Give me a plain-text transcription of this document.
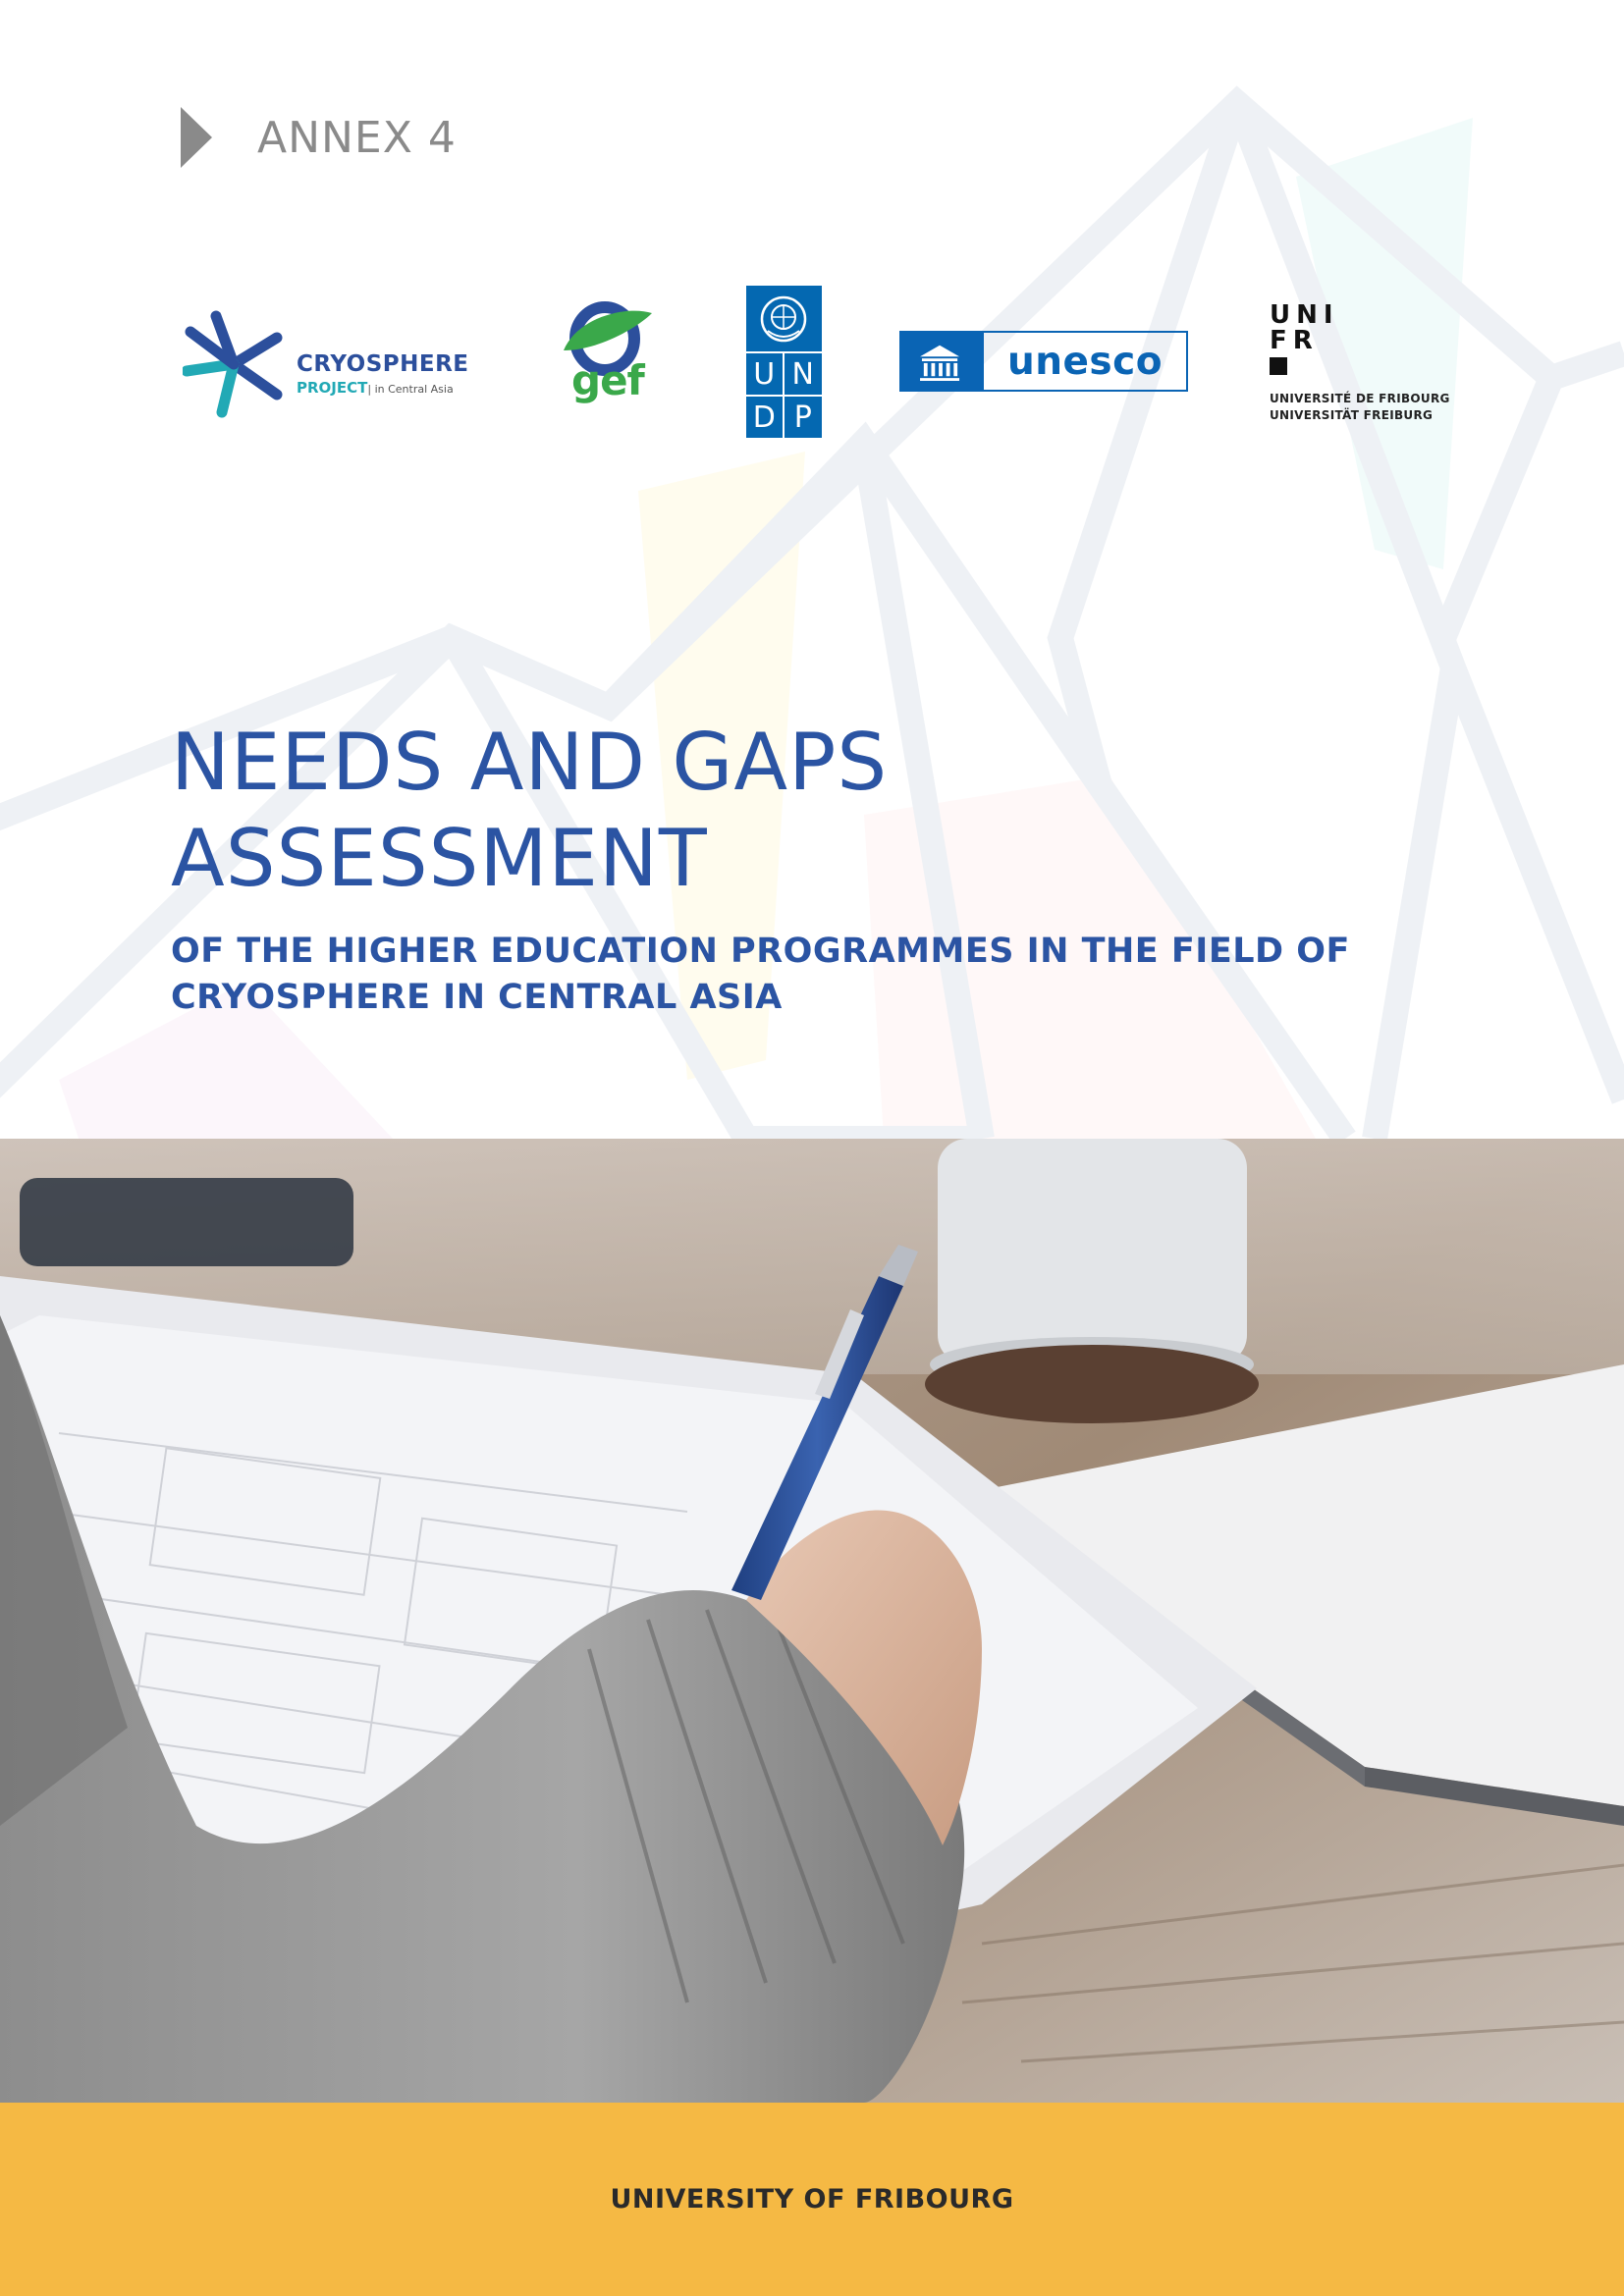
ANNEX 4
CRYOSPHERE
PROJECT| in Central Asia	gef	U N
D P
unesco
UNI
FR
UNIVERSITÉ DE FRIBOURG
UNIVERSITÄT FREIBURG
NEEDS AND GAPS
ASSESSMENT
OF THE HIGHER EDUCATION PROGRAMMES IN THE FIELD OF
CRYOSPHERE IN CENTRAL ASIA
UNIVERSITY OF FRIBOURG
